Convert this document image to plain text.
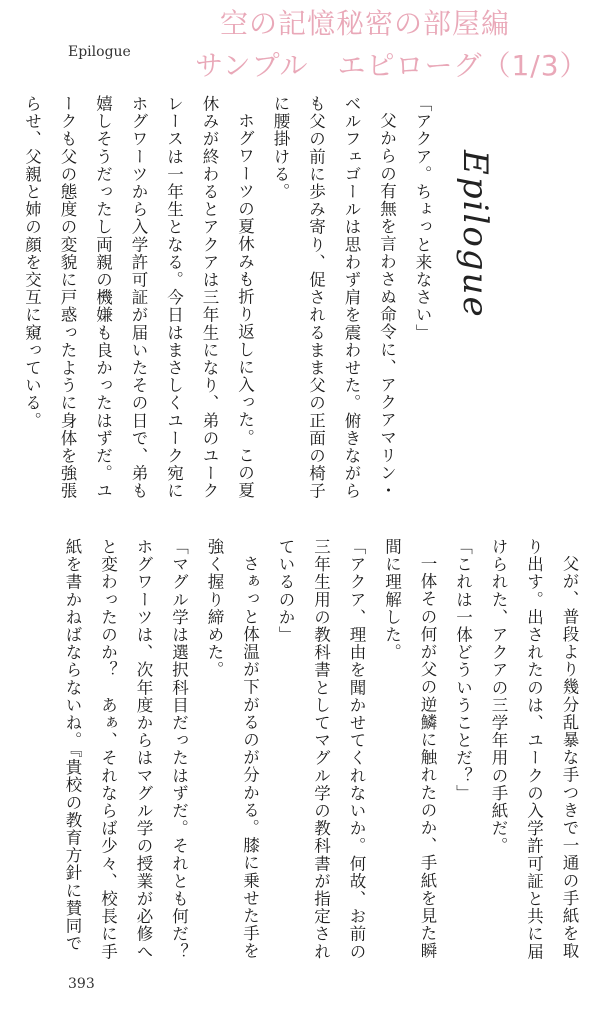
空の記憶秘密の部屋編
サンプル　エピローグ（1/3）
Epilogue
Epilogue

「アクア。ちょっと来なさい」

父からの有無を言わさぬ命令に、アクアマリン・ベルフェゴールは思わず肩を震わせた。俯きながらも父の前に歩み寄り、促されるまま父の正面の椅子に腰掛ける。

ホグワーツの夏休みも折り返しに入った。この夏休みが終わるとアクアは三年生になり、弟のユークレースは一年生となる。今日はまさしくユーク宛にホグワーツから入学許可証が届いたその日で、弟も嬉しそうだったし両親の機嫌も良かったはずだ。ユークも父の態度の変貌に戸惑ったように身体を強張らせ、父親と姉の顔を交互に窺っている。

父が、普段より幾分乱暴な手つきで一通の手紙を取り出す。出されたのは、ユークの入学許可証と共に届けられた、アクアの三学年用の手紙だ。

「これは一体どういうことだ？」

一体その何が父の逆鱗に触れたのか、手紙を見た瞬間に理解した。

「アクア、理由を聞かせてくれないか。何故、お前の三年生用の教科書としてマグル学の教科書が指定されているのか」

さぁっと体温が下がるのが分かる。膝に乗せた手を強く握り締めた。

「マグル学は選択科目だったはずだ。それとも何だ？ホグワーツは、次年度からはマグル学の授業が必修へと変わったのか？　あぁ、それならば少々、校長に手紙を書かねばならないね。『貴校の教育方針に賛同で

393
